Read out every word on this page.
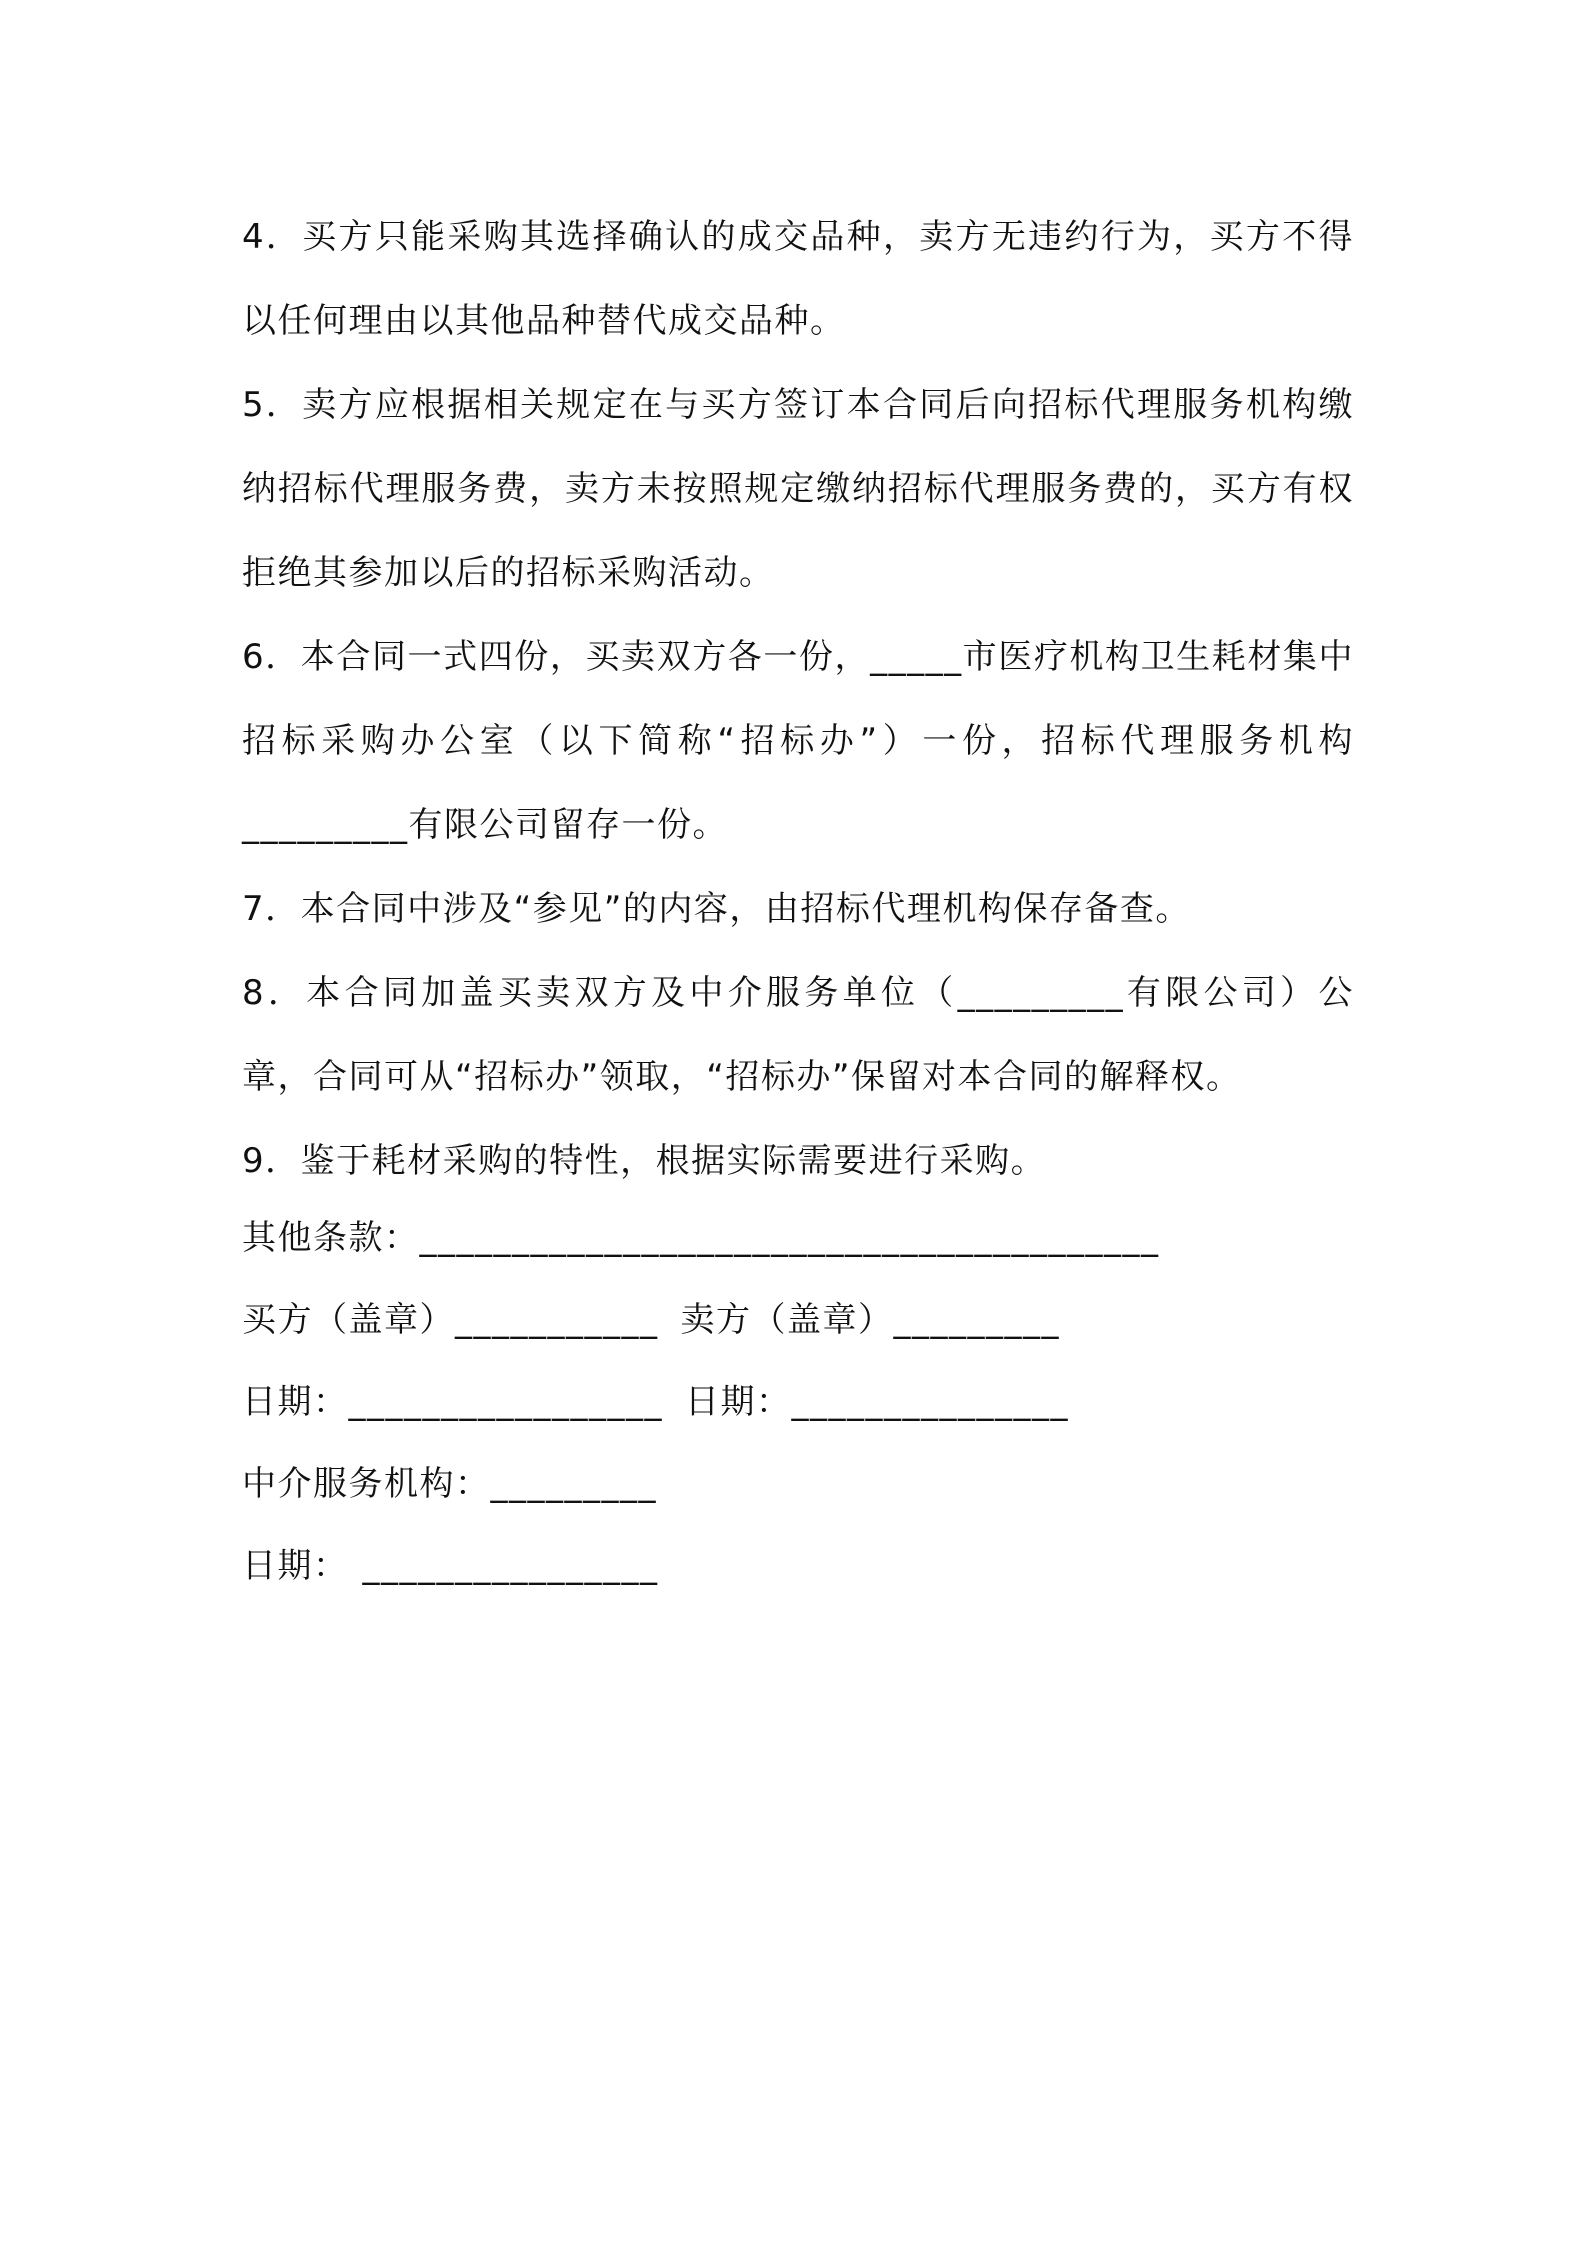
4．买方只能采购其选择确认的成交品种，卖方无违约行为，买方不得以任何理由以其他品种替代成交品种。

5．卖方应根据相关规定在与买方签订本合同后向招标代理服务机构缴纳招标代理服务费，卖方未按照规定缴纳招标代理服务费的，买方有权拒绝其参加以后的招标采购活动。

6．本合同一式四份，买卖双方各一份，_____市医疗机构卫生耗材集中招标采购办公室（以下简称“招标办”）一份，招标代理服务机构_________有限公司留存一份。

7．本合同中涉及“参见”的内容，由招标代理机构保存备查。

8．本合同加盖买卖双方及中介服务单位（_________有限公司）公章，合同可从“招标办”领取，“招标办”保留对本合同的解释权。

9．鉴于耗材采购的特性，根据实际需要进行采购。

其他条款：________________________________________
买方（盖章）___________ 卖方（盖章）_________
日期：_________________ 日期：_______________
中介服务机构：_________
日期： ________________
